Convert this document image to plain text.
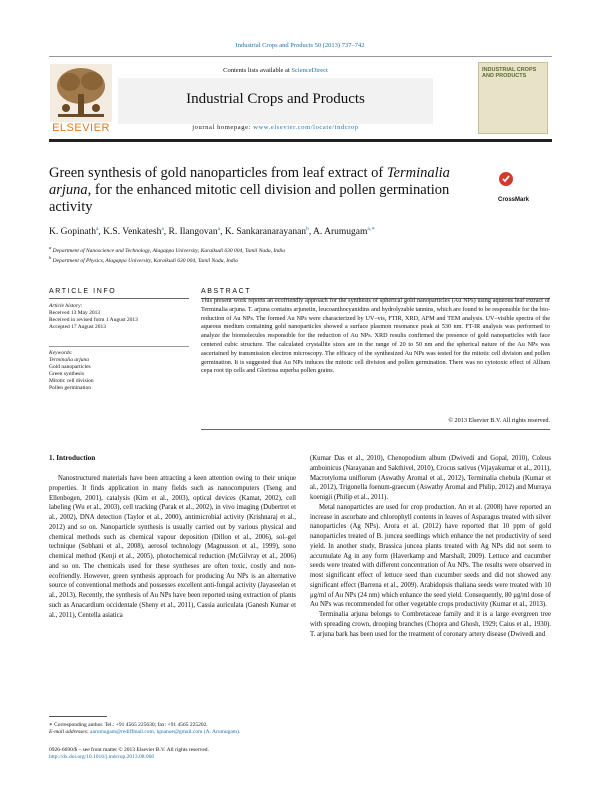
Industrial Crops and Products 50 (2013) 737–742
Contents lists available at ScienceDirect
Industrial Crops and Products
journal homepage: www.elsevier.com/locate/indcrop
ELSEVIER
INDUSTRIAL CROPS AND PRODUCTS
Green synthesis of gold nanoparticles from leaf extract of Terminalia arjuna, for the enhanced mitotic cell division and pollen germination activity	CrossMark
K. Gopinath$^a$, K.S. Venkatesh$^a$, R. Ilangovan$^a$, K. Sankaranarayanan$^b$, A. Arumugam$^{a,∗}$
$^a$ Department of Nanoscience and Technology, Alagappa University, Karaikudi 630 004, Tamil Nadu, India
$^b$ Department of Physics, Alagappa University, Karaikudi 630 004, Tamil Nadu, India
ARTICLE INFO
Article history:
Received 13 May 2013
Received in revised form 1 August 2013
Accepted 17 August 2013
Keywords:
Terminalia arjuna
Gold nanoparticles
Green synthesis
Mitotic cell division
Pollen germination
ABSTRACT
This present work reports an ecofriendly approach for the synthesis of spherical gold nanoparticles (Au NPs) using aqueous leaf extract of Terminalia arjuna. T. arjuna contains arjunetin, leucoanthocyanidins and hydrolyzable tannins, which are found to be responsible for the bio-reduction of Au NPs. The formed Au NPs were characterized by UV–vis, FTIR, XRD, AFM and TEM analysis. UV–visible spectra of the aqueous medium containing gold nanoparticles showed a surface plasmon resonance peak at 530 nm. FT-IR analysis was performed to analyze the biomolecules responsible for the reduction of Au NPs. XRD results confirmed the presence of gold nanoparticles with face centered cubic structure. The calculated crystallite sizes are in the range of 20 to 50 nm and the spherical nature of the Au NPs was ascertained by transmission electron microscopy. The efficacy of the synthesized Au NPs was tested for the mitotic cell division and pollen germination. It is suggested that Au NPs induces the mitotic cell division and pollen germination. There was no cytotoxic effect of Allium cepa root tip cells and Gloriosa superba pollen grains.
© 2013 Elsevier B.V. All rights reserved.
1. Introduction
Nanostructured materials have been attracting a keen attention owing to their unique properties. It finds application in many fields such as nanocomputers (Tseng and Ellenbogen, 2001), catalysis (Kim et al., 2003), optical devices (Kamat, 2002), cell labeling (Wu et al., 2003), cell tracking (Parak et al., 2002), in vivo imaging (Dubertret et al., 2002), DNA detection (Taylor et al., 2000), antimicrobial activity (Krishnaraj et al., 2012) and so on. Nanoparticle synthesis is usually carried out by various physical and chemical methods such as chemical vapour deposition (Dillon et al., 2006), sol–gel technique (Sobhani et al., 2008), aerosol technology (Magnusson et al., 1999), sono chemical method (Kenji et al., 2005), photochemical reduction (McGilvray et al., 2006) and so on. The chemicals used for these syntheses are often toxic, costly and non-ecofriendly. However, green synthesis approach for producing Au NPs is an alternative source of conventional methods and possesses excellent anti-fungal activity (Jayaseelan et al., 2013). Recently, the synthesis of Au NPs have been reported using extraction of plants such as Anacardium occidentale (Sheny et al., 2011), Cassia auriculata (Ganesh Kumar et al., 2011), Centella asiatica

(Kumar Das et al., 2010), Chenopodium album (Dwivedi and Gopal, 2010), Coleus amboinicus (Narayanan and Sakthivel, 2010), Crocus sativus (Vijayakumar et al., 2011), Macrotyloma uniflorum (Aswathy Aromal et al., 2012), Terminalia chebula (Kumar et al., 2012), Trigonella foenum-graecum (Aswathy Aromal and Philip, 2012) and Murraya koenigii (Philip et al., 2011).

Metal nanoparticles are used for crop production. An et al. (2008) have reported an increase in ascorbate and chlorophyll contents in leaves of Asparagus treated with silver nanoparticles (Ag NPs). Arora et al. (2012) have reported that 10 ppm of gold nanoparticles treated of B. juncea seedlings which enhance the net productivity of seed yield. In another study, Brassica juncea plants treated with Ag NPs did not seem to accumulate Ag in any form (Haverkamp and Marshall, 2009). Lettuce and cucumber seeds were treated with different concentration of Au NPs. The results were observed in most significant effect of lettuce seed than cucumber seeds and did not showed any significant effect (Barrena et al., 2009). Arabidopsis thaliana seeds were treated with 10 μg/ml of Au NPs (24 nm) which enhance the seed yield. Consequently, 80 μg/ml dose of Au NPs was recommended for other vegetable crops productivity (Kumar et al., 2013).

Terminalia arjuna belongs to Combretaceae family and it is a large evergreen tree with spreading crown, drooping branches (Chopra and Ghosh, 1929; Caius et al., 1930). T. arjuna bark has been used for the treatment of coronary artery disease (Dwivedi and

∗ Corresponding author. Tel.: +91 4565 225630; fax: +91 4565 225202.
E-mail addresses: aarumugam@rediffmail.com, lgnanoe@gmail.com (A. Arumugam).
0926-6690/$ – see front matter © 2013 Elsevier B.V. All rights reserved.
http://dx.doi.org/10.1016/j.indcrop.2013.08.060
